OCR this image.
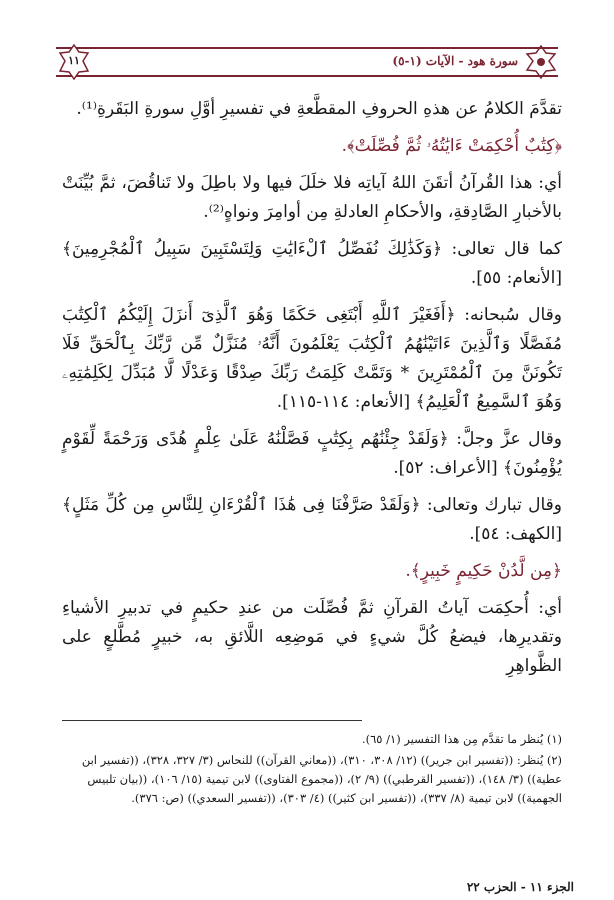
سورة هود - الآيات (١-٥)
١١

تقدَّمَ الكلامُ عن هذهِ الحروفِ المقطَّعةِ في تفسيرِ أوَّلِ سورةِ البَقَرةِ⁽¹⁾.

﴿كِتَٰبٌ أُحْكِمَتْ ءَايَٰتُهُۥ ثُمَّ فُصِّلَتْ﴾.

أي: هذا القُرآنُ أتقَنَ اللهُ آياتِه فلا خلَلَ فيها ولا باطِلَ ولا تَناقُضَ، ثمَّ بُيِّنَتْ بالأخبارِ الصَّادِقةِ، والأحكامِ العادلةِ مِن أوامِرَ ونواهٍ⁽²⁾.

كما قال تعالى: ﴿وَكَذَٰلِكَ نُفَصِّلُ ٱلْءَايَٰتِ وَلِتَسْتَبِينَ سَبِيلُ ٱلْمُجْرِمِينَ﴾ [الأنعام: ٥٥].

وقال سُبحانه: ﴿أَفَغَيْرَ ٱللَّهِ أَبْتَغِى حَكَمًا وَهُوَ ٱلَّذِىٓ أَنزَلَ إِلَيْكُمُ ٱلْكِتَٰبَ مُفَصَّلًا وَٱلَّذِينَ ءَاتَيْنَٰهُمُ ٱلْكِتَٰبَ يَعْلَمُونَ أَنَّهُۥ مُنَزَّلٌ مِّن رَّبِّكَ بِٱلْحَقِّ فَلَا تَكُونَنَّ مِنَ ٱلْمُمْتَرِينَ * وَتَمَّتْ كَلِمَتُ رَبِّكَ صِدْقًا وَعَدْلًا لَّا مُبَدِّلَ لِكَلِمَٰتِهِۦ وَهُوَ ٱلسَّمِيعُ ٱلْعَلِيمُ﴾ [الأنعام: ١١٤-١١٥].

وقال عزَّ وجلَّ: ﴿وَلَقَدْ جِئْنَٰهُم بِكِتَٰبٍ فَصَّلْنَٰهُ عَلَىٰ عِلْمٍ هُدًى وَرَحْمَةً لِّقَوْمٍ يُؤْمِنُونَ﴾ [الأعراف: ٥٢].

وقال تبارك وتعالى: ﴿وَلَقَدْ صَرَّفْنَا فِى هَٰذَا ٱلْقُرْءَانِ لِلنَّاسِ مِن كُلِّ مَثَلٍ﴾ [الكهف: ٥٤].

﴿مِن لَّدُنْ حَكِيمٍ خَبِيرٍ﴾.

أي: أُحكِمَت آياتُ القرآنِ ثمَّ فُصِّلَت من عندِ حكيمٍ في تدبيرِ الأشياءِ وتقديرِها، فيضعُ كُلَّ شيءٍ في مَوضِعِه اللَّائقِ به، خبيرٍ مُطَّلعٍ على الظَّواهِرِ

(١) يُنظر ما تقدَّم مِن هذا التفسير (١/ ٦٥).

(٢) يُنظر: ((تفسير ابن جرير)) (١٢/ ٣٠٨، ٣١٠)، ((معاني القرآن)) للنحاس (٣/ ٣٢٧، ٣٢٨)، ((تفسير ابن عطية)) (٣/ ١٤٨)، ((تفسير القرطبي)) (٩/ ٢)، ((مجموع الفتاوى)) لابن تيمية (١٥/ ١٠٦)، ((بيان تلبيس الجهمية)) لابن تيمية (٨/ ٣٣٧)، ((تفسير ابن كثير)) (٤/ ٣٠٣)، ((تفسير السعدي)) (ص: ٣٧٦).

الجزء ١١ - الحزب ٢٢
